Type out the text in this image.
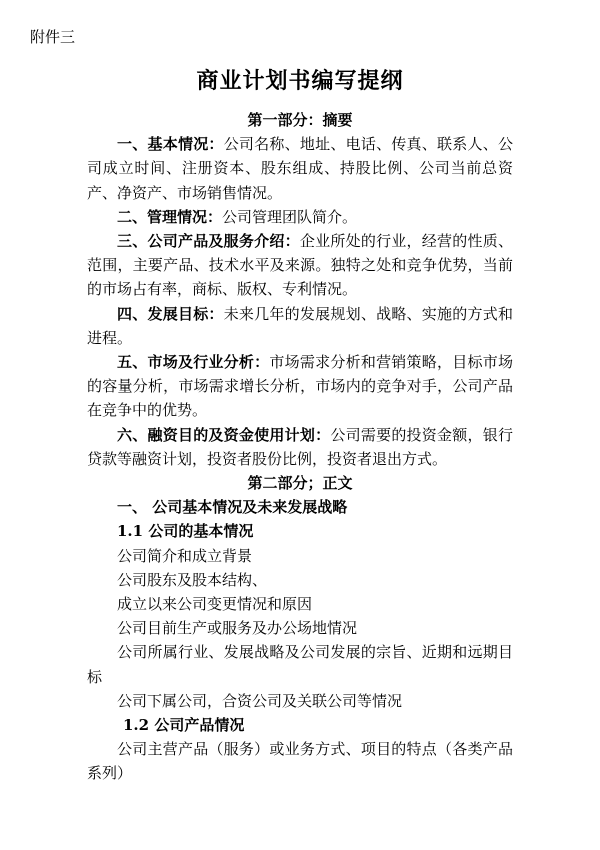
附件三
商业计划书编写提纲
第一部分：摘要
一、基本情况：公司名称、地址、电话、传真、联系人、公司成立时间、注册资本、股东组成、持股比例、公司当前总资产、净资产、市场销售情况。
二、管理情况：公司管理团队简介。
三、公司产品及服务介绍：企业所处的行业，经营的性质、范围，主要产品、技术水平及来源。独特之处和竞争优势，当前的市场占有率，商标、版权、专利情况。
四、发展目标：未来几年的发展规划、战略、实施的方式和进程。
五、市场及行业分析：市场需求分析和营销策略，目标市场的容量分析，市场需求增长分析，市场内的竞争对手，公司产品在竞争中的优势。
六、融资目的及资金使用计划：公司需要的投资金额，银行贷款等融资计划，投资者股份比例，投资者退出方式。
第二部分；正文
一、 公司基本情况及未来发展战略
1.1 公司的基本情况
公司简介和成立背景
公司股东及股本结构、
成立以来公司变更情况和原因
公司目前生产或服务及办公场地情况
公司所属行业、发展战略及公司发展的宗旨、近期和远期目标
公司下属公司，合资公司及关联公司等情况
1.2 公司产品情况
公司主营产品（服务）或业务方式、项目的特点（各类产品系列）
